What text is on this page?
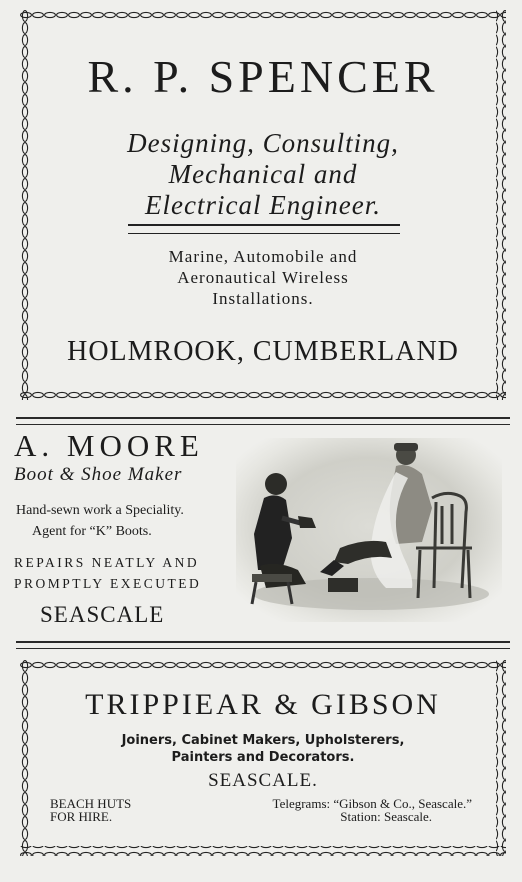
R. P. SPENCER
Designing, Consulting,
Mechanical and
Electrical Engineer.
Marine, Automobile and
Aeronautical Wireless
Installations.
HOLMROOK, CUMBERLAND
A. MOORE
Boot & Shoe Maker
Hand-sewn work a Speciality.
Agent for “K” Boots.
REPAIRS NEATLY AND
PROMPTLY EXECUTED
SEASCALE
TRIPPIEAR & GIBSON
Joiners, Cabinet Makers, Upholsterers,
Painters and Decorators.
SEASCALE.
BEACH HUTS
FOR HIRE.
Telegrams: “Gibson & Co., Seascale.”
Station: Seascale.
